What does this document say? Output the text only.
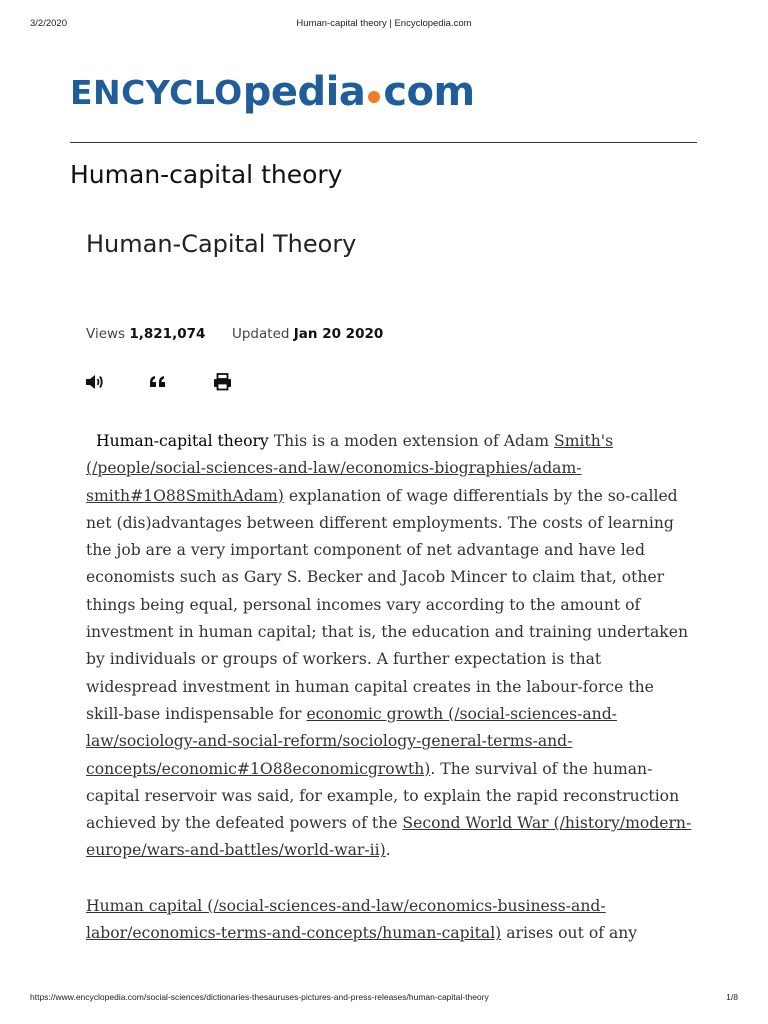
3/2/2020	Human-capital theory | Encyclopedia.com
ENCYCLO pedia com
Human-capital theory
Human-Capital Theory
Views 1,821,074 Updated Jan 20 2020

Human-capital theory This is a moden extension of Adam Smith's (/people/social-sciences-and-law/economics-biographies/adam-smith#1O88SmithAdam) explanation of wage differentials by the so-called net (dis)advantages between different employments. The costs of learning the job are a very important component of net advantage and have led economists such as Gary S. Becker and Jacob Mincer to claim that, other things being equal, personal incomes vary according to the amount of investment in human capital; that is, the education and training undertaken by individuals or groups of workers. A further expectation is that widespread investment in human capital creates in the labour-force the skill-base indispensable for economic growth (/social-sciences-and-law/sociology-and-social-reform/sociology-general-terms-and-concepts/economic#1O88economicgrowth). The survival of the human-capital reservoir was said, for example, to explain the rapid reconstruction achieved by the defeated powers of the Second World War (/history/modern-europe/wars-and-battles/world-war-ii).

Human capital (/social-sciences-and-law/economics-business-and-labor/economics-terms-and-concepts/human-capital) arises out of any

https://www.encyclopedia.com/social-sciences/dictionaries-thesauruses-pictures-and-press-releases/human-capital-theory	1/8
